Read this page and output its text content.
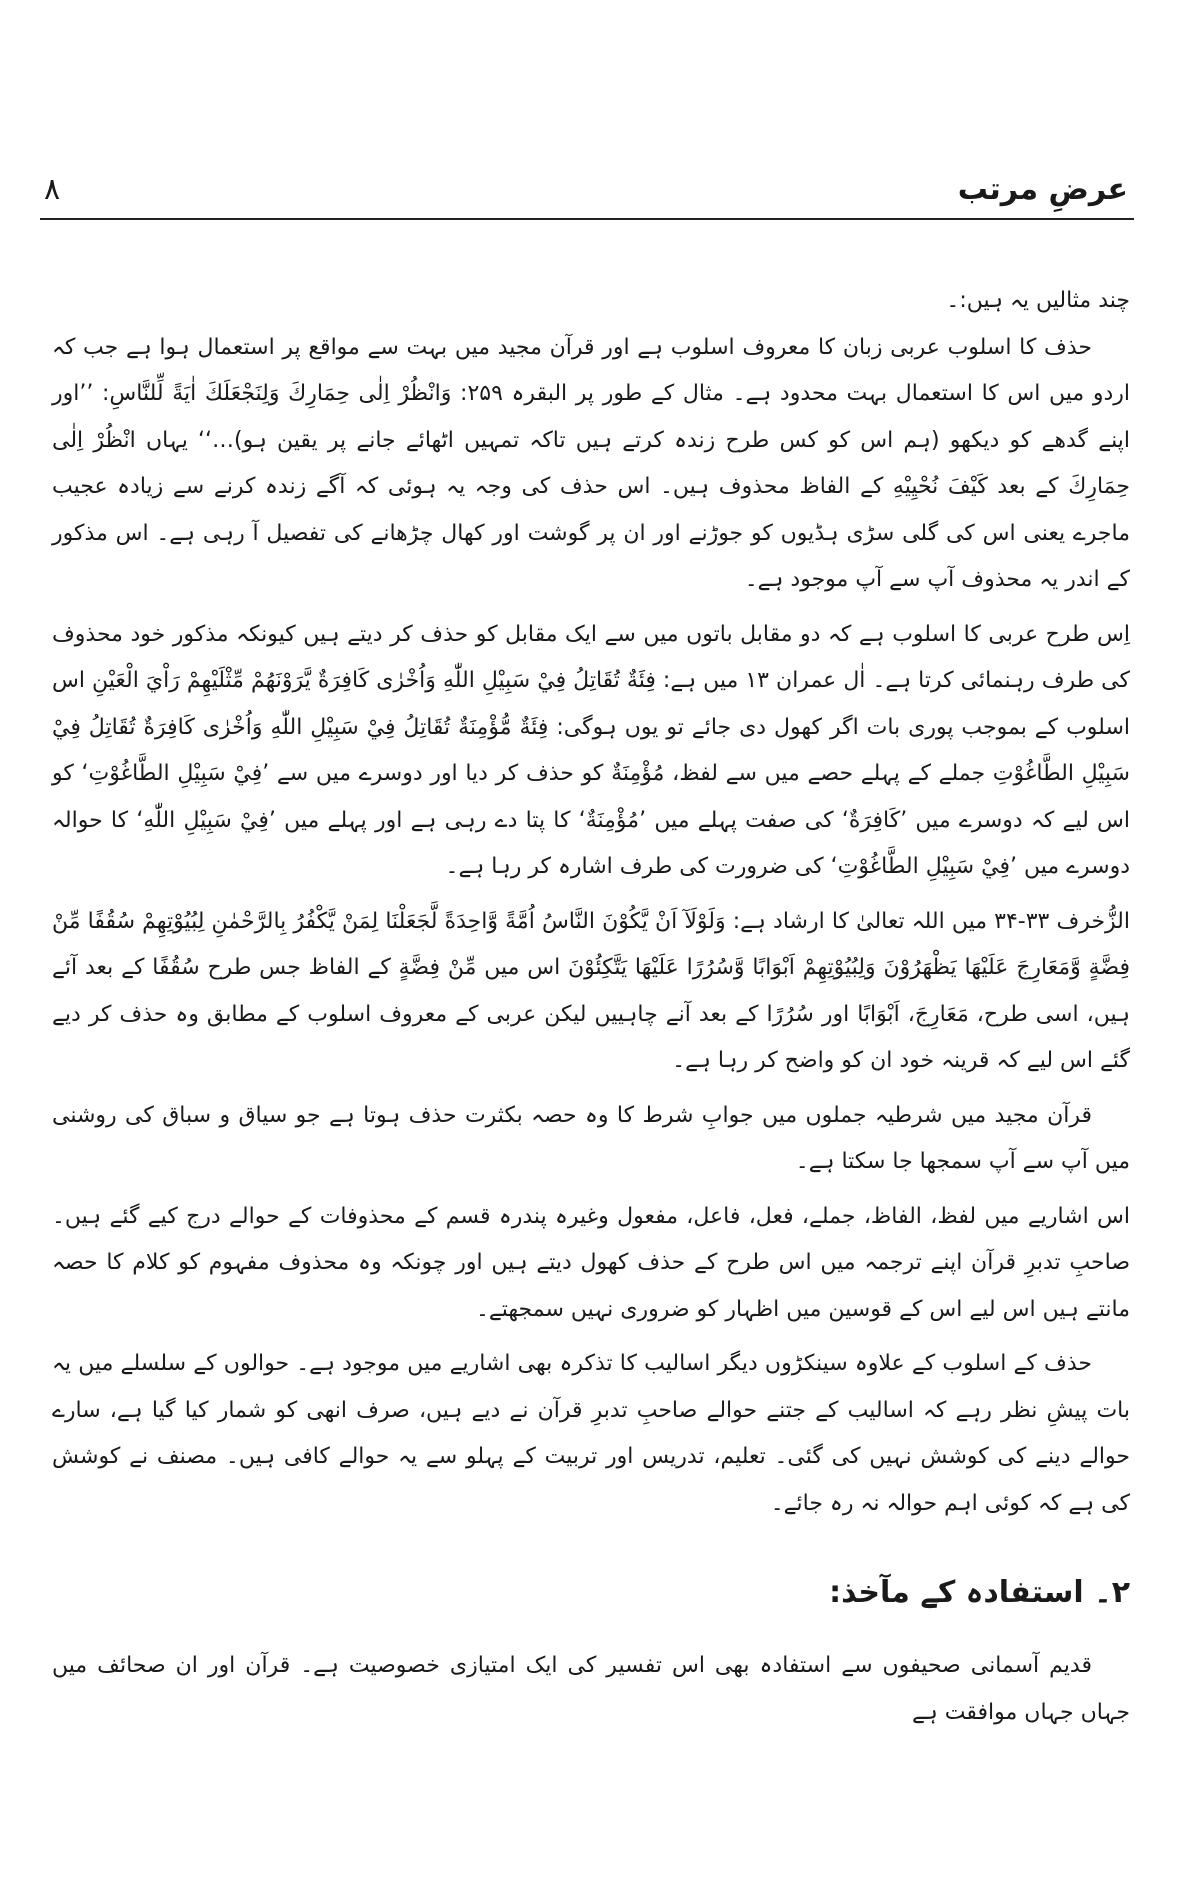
عرضِ مرتب
۸

چند مثالیں یہ ہیں:۔

حذف کا اسلوب عربی زبان کا معروف اسلوب ہے اور قرآن مجید میں بہت سے مواقع پر استعمال ہوا ہے جب کہ اردو میں اس کا استعمال بہت محدود ہے۔ مثال کے طور پر البقرہ ۲۵۹: وَانْظُرْ اِلٰی حِمَارِكَ وَلِنَجْعَلَكَ اٰيَةً لِّلنَّاسِ: ’’اور اپنے گدھے کو دیکھو (ہم اس کو کس طرح زندہ کرتے ہیں تاکہ تمہیں اٹھائے جانے پر یقین ہو)…‘‘ یہاں انْظُرْ اِلٰی حِمَارِكَ کے بعد كَيْفَ نُحْيِيْهِ کے الفاظ محذوف ہیں۔ اس حذف کی وجہ یہ ہوئی کہ آگے زندہ کرنے سے زیادہ عجیب ماجرے یعنی اس کی گلی سڑی ہڈیوں کو جوڑنے اور ان پر گوشت اور کھال چڑھانے کی تفصیل آ رہی ہے۔ اس مذکور کے اندر یہ محذوف آپ سے آپ موجود ہے۔

اِس طرح عربی کا اسلوب ہے کہ دو مقابل باتوں میں سے ایک مقابل کو حذف کر دیتے ہیں کیونکہ مذکور خود محذوف کی طرف رہنمائی کرتا ہے۔ اٰل عمران ۱۳ میں ہے: فِئَةٌ تُقَاتِلُ فِيْ سَبِيْلِ اللّٰهِ وَاُخْرٰى كَافِرَةٌ يَّرَوْنَهُمْ مِّثْلَيْهِمْ رَاْيَ الْعَيْنِ اس اسلوب کے بموجب پوری بات اگر کھول دی جائے تو یوں ہوگی: فِئَةٌ مُّؤْمِنَةٌ تُقَاتِلُ فِيْ سَبِيْلِ اللّٰهِ وَاُخْرٰى كَافِرَةٌ تُقَاتِلُ فِيْ سَبِيْلِ الطَّاغُوْتِ جملے کے پہلے حصے میں سے لفظ، مُؤْمِنَةٌ کو حذف کر دیا اور دوسرے میں سے ’فِيْ سَبِيْلِ الطَّاغُوْتِ‘ کو اس لیے کہ دوسرے میں ’كَافِرَةٌ‘ کی صفت پہلے میں ’مُؤْمِنَةٌ‘ کا پتا دے رہی ہے اور پہلے میں ’فِيْ سَبِيْلِ اللّٰهِ‘ کا حوالہ دوسرے میں ’فِيْ سَبِيْلِ الطَّاغُوْتِ‘ کی ضرورت کی طرف اشارہ کر رہا ہے۔

الزُّخرف ۳۳-۳۴ میں اللہ تعالیٰ کا ارشاد ہے: وَلَوْلَآ اَنْ يَّكُوْنَ النَّاسُ اُمَّةً وَّاحِدَةً لَّجَعَلْنَا لِمَنْ يَّكْفُرُ بِالرَّحْمٰنِ لِبُيُوْتِهِمْ سُقُفًا مِّنْ فِضَّةٍ وَّمَعَارِجَ عَلَيْهَا يَظْهَرُوْنَ وَلِبُيُوْتِهِمْ اَبْوَابًا وَّسُرُرًا عَلَيْهَا يَتَّكِئُوْنَ اس میں مِّنْ فِضَّةٍ کے الفاظ جس طرح سُقُفًا کے بعد آئے ہیں، اسی طرح، مَعَارِجَ، اَبْوَابًا اور سُرُرًا کے بعد آنے چاہییں لیکن عربی کے معروف اسلوب کے مطابق وہ حذف کر دیے گئے اس لیے کہ قرینہ خود ان کو واضح کر رہا ہے۔

قرآن مجید میں شرطیہ جملوں میں جوابِ شرط کا وہ حصہ بکثرت حذف ہوتا ہے جو سیاق و سباق کی روشنی میں آپ سے آپ سمجھا جا سکتا ہے۔

اس اشاریے میں لفظ، الفاظ، جملے، فعل، فاعل، مفعول وغیرہ پندرہ قسم کے محذوفات کے حوالے درج کیے گئے ہیں۔ صاحبِ تدبرِ قرآن اپنے ترجمہ میں اس طرح کے حذف کھول دیتے ہیں اور چونکہ وہ محذوف مفہوم کو کلام کا حصہ مانتے ہیں اس لیے اس کے قوسین میں اظہار کو ضروری نہیں سمجھتے۔

حذف کے اسلوب کے علاوہ سینکڑوں دیگر اسالیب کا تذکرہ بھی اشاریے میں موجود ہے۔ حوالوں کے سلسلے میں یہ بات پیشِ نظر رہے کہ اسالیب کے جتنے حوالے صاحبِ تدبرِ قرآن نے دیے ہیں، صرف انھی کو شمار کیا گیا ہے، سارے حوالے دینے کی کوشش نہیں کی گئی۔ تعلیم، تدریس اور تربیت کے پہلو سے یہ حوالے کافی ہیں۔ مصنف نے کوشش کی ہے کہ کوئی اہم حوالہ نہ رہ جائے۔

۲۔ استفادہ کے مآخذ:

قدیم آسمانی صحیفوں سے استفادہ بھی اس تفسیر کی ایک امتیازی خصوصیت ہے۔ قرآن اور ان صحائف میں جہاں جہاں موافقت ہے
